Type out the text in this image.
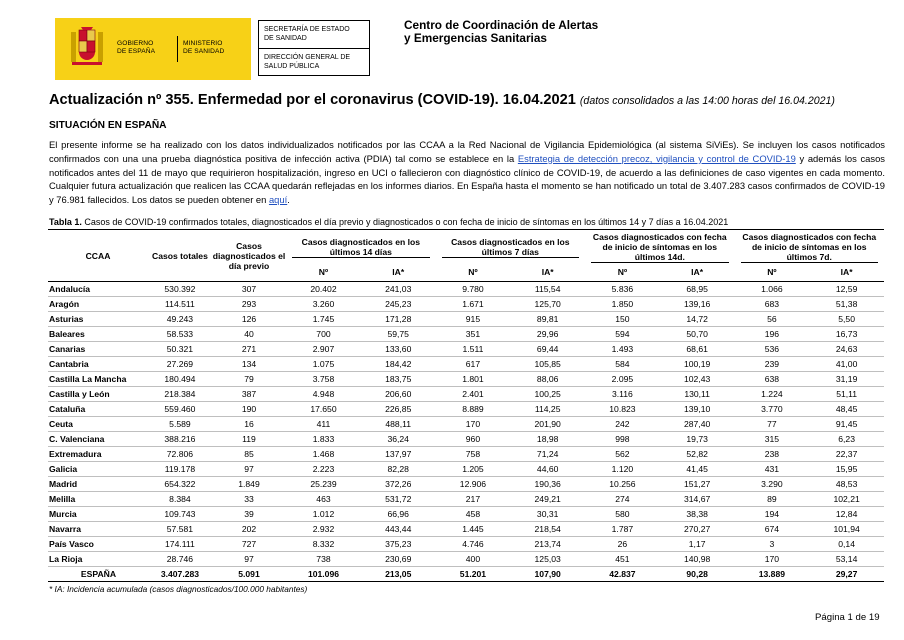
GOBIERNO
DE ESPAÑA
MINISTERIO
DE SANIDAD
SECRETARÍA DE ESTADO
DE SANIDAD
DIRECCIÓN GENERAL DE
SALUD PÚBLICA
Centro de Coordinación de Alertas
y Emergencias Sanitarias
Actualización nº 355. Enfermedad por el coronavirus (COVID-19). 16.04.2021 (datos consolidados a las 14:00 horas del 16.04.2021)
SITUACIÓN EN ESPAÑA
El presente informe se ha realizado con los datos individualizados notificados por las CCAA a la Red Nacional de Vigilancia Epidemiológica (al sistema SiViEs). Se incluyen los casos notificados confirmados con una una prueba diagnóstica positiva de infección activa (PDIA) tal como se establece en la Estrategia de detección precoz, vigilancia y control de COVID-19 y además los casos notificados antes del 11 de mayo que requirieron hospitalización, ingreso en UCI o fallecieron con diagnóstico clínico de COVID-19, de acuerdo a las definiciones de caso vigentes en cada momento. Cualquier futura actualización que realicen las CCAA quedarán reflejadas en los informes diarios. En España hasta el momento se han notificado un total de 3.407.283 casos confirmados de COVID-19 y 76.981 fallecidos. Los datos se pueden obtener en aquí.
Tabla 1. Casos de COVID-19 confirmados totales, diagnosticados el día previo y diagnosticados o con fecha de inicio de síntomas en los últimos 14 y 7 días a 16.04.2021
CCAA	Casos totales	Casos diagnosticados el día previo	Casos diagnosticados en los últimos 14 días		Casos diagnosticados en los últimos 7 días		Casos diagnosticados con fecha de inicio de síntomas en los últimos 14d.		Casos diagnosticados con fecha de inicio de síntomas en los últimos 7d.	

			Nº	IA*	Nº	IA*	Nº	IA*	Nº	IA*
Andalucía	530.392	307	20.402	241,03	9.780	115,54	5.836	68,95	1.066	12,59
Aragón	114.511	293	3.260	245,23	1.671	125,70	1.850	139,16	683	51,38
Asturias	49.243	126	1.745	171,28	915	89,81	150	14,72	56	5,50
Baleares	58.533	40	700	59,75	351	29,96	594	50,70	196	16,73
Canarias	50.321	271	2.907	133,60	1.511	69,44	1.493	68,61	536	24,63
Cantabria	27.269	134	1.075	184,42	617	105,85	584	100,19	239	41,00
Castilla La Mancha	180.494	79	3.758	183,75	1.801	88,06	2.095	102,43	638	31,19
Castilla y León	218.384	387	4.948	206,60	2.401	100,25	3.116	130,11	1.224	51,11
Cataluña	559.460	190	17.650	226,85	8.889	114,25	10.823	139,10	3.770	48,45
Ceuta	5.589	16	411	488,11	170	201,90	242	287,40	77	91,45
C. Valenciana	388.216	119	1.833	36,24	960	18,98	998	19,73	315	6,23
Extremadura	72.806	85	1.468	137,97	758	71,24	562	52,82	238	22,37
Galicia	119.178	97	2.223	82,28	1.205	44,60	1.120	41,45	431	15,95
Madrid	654.322	1.849	25.239	372,26	12.906	190,36	10.256	151,27	3.290	48,53
Melilla	8.384	33	463	531,72	217	249,21	274	314,67	89	102,21
Murcia	109.743	39	1.012	66,96	458	30,31	580	38,38	194	12,84
Navarra	57.581	202	2.932	443,44	1.445	218,54	1.787	270,27	674	101,94
País Vasco	174.111	727	8.332	375,23	4.746	213,74	26	1,17	3	0,14
La Rioja	28.746	97	738	230,69	400	125,03	451	140,98	170	53,14
ESPAÑA	3.407.283	5.091	101.096	213,05	51.201	107,90	42.837	90,28	13.889	29,27
* IA: Incidencia acumulada (casos diagnosticados/100.000 habitantes)
Página 1 de 19
